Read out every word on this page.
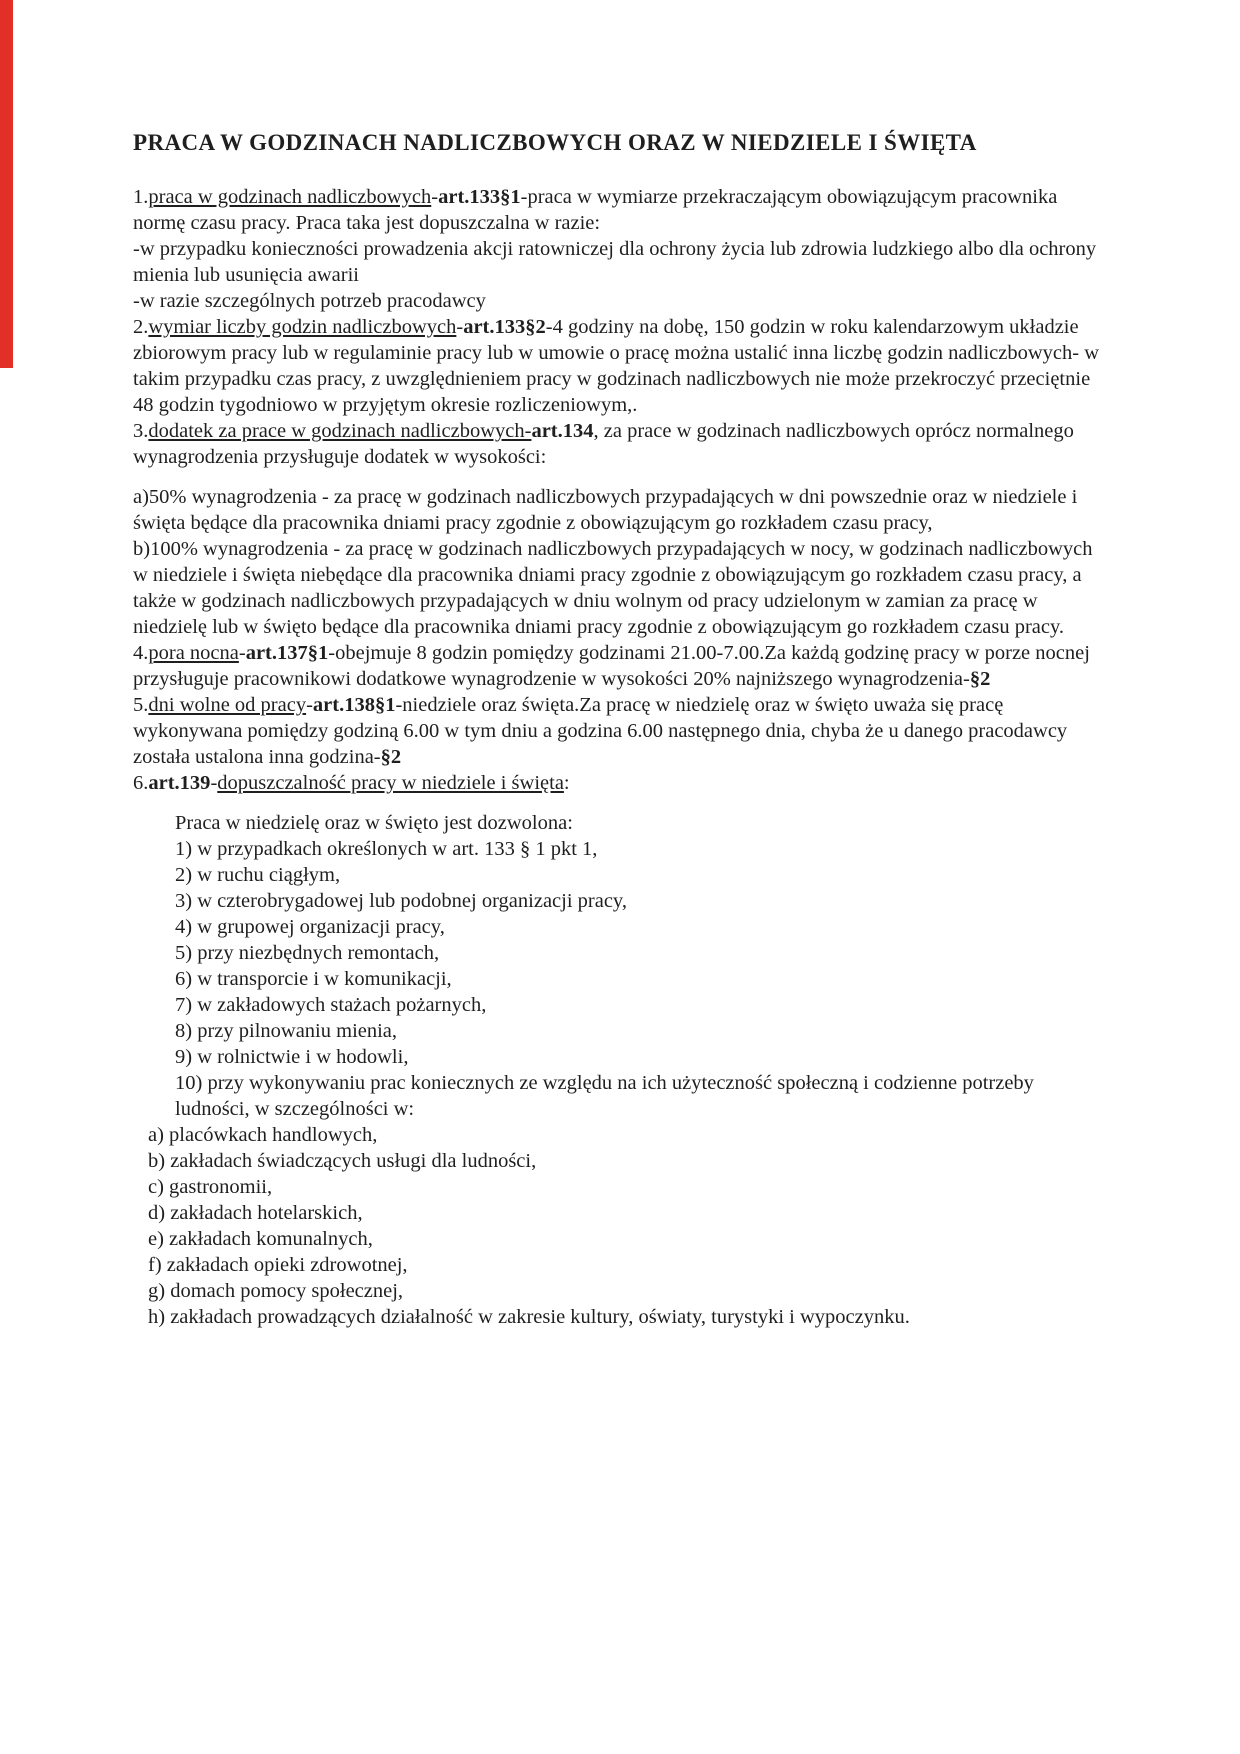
PRACA W GODZINACH NADLICZBOWYCH ORAZ W NIEDZIELE I ŚWIĘTA

1.praca w godzinach nadliczbowych-art.133§1-praca w wymiarze przekraczającym obowiązującym pracownika normę czasu pracy. Praca taka jest dopuszczalna w razie:

-w przypadku konieczności prowadzenia akcji ratowniczej dla ochrony życia lub zdrowia ludzkiego albo dla ochrony mienia lub usunięcia awarii

-w razie szczególnych potrzeb pracodawcy

2.wymiar liczby godzin nadliczbowych-art.133§2-4 godziny na dobę, 150 godzin w roku kalendarzowym układzie zbiorowym pracy lub w regulaminie pracy lub w umowie o pracę można ustalić inna liczbę godzin nadliczbowych- w takim przypadku czas pracy, z uwzględnieniem pracy w godzinach nadliczbowych nie może przekroczyć przeciętnie 48 godzin tygodniowo w przyjętym okresie rozliczeniowym,.

3.dodatek za prace w godzinach nadliczbowych-art.134, za prace w godzinach nadliczbowych oprócz normalnego wynagrodzenia przysługuje dodatek w wysokości:

a)50% wynagrodzenia - za pracę w godzinach nadliczbowych przypadających w dni powszednie oraz w niedziele i święta będące dla pracownika dniami pracy zgodnie z obowiązującym go rozkładem czasu pracy,

b)100% wynagrodzenia - za pracę w godzinach nadliczbowych przypadających w nocy, w godzinach nadliczbowych w niedziele i święta niebędące dla pracownika dniami pracy zgodnie z obowiązującym go rozkładem czasu pracy, a także w godzinach nadliczbowych przypadających w dniu wolnym od pracy udzielonym w zamian za pracę w niedzielę lub w święto będące dla pracownika dniami pracy zgodnie z obowiązującym go rozkładem czasu pracy.

4.pora nocna-art.137§1-obejmuje 8 godzin pomiędzy godzinami 21.00-7.00.Za każdą godzinę pracy w porze nocnej przysługuje pracownikowi dodatkowe wynagrodzenie w wysokości 20% najniższego wynagrodzenia-§2

5.dni wolne od pracy-art.138§1-niedziele oraz święta.Za pracę w niedzielę oraz w święto uważa się pracę wykonywana pomiędzy godziną 6.00 w tym dniu a godzina 6.00 następnego dnia, chyba że u danego pracodawcy została ustalona inna godzina-§2

6.art.139-dopuszczalność pracy w niedziele i święta:

Praca w niedzielę oraz w święto jest dozwolona:

1) w przypadkach określonych w art. 133 § 1 pkt 1,

2) w ruchu ciągłym,

3) w czterobrygadowej lub podobnej organizacji pracy,

4) w grupowej organizacji pracy,

5) przy niezbędnych remontach,

6) w transporcie i w komunikacji,

7) w zakładowych stażach pożarnych,

8) przy pilnowaniu mienia,

9) w rolnictwie i w hodowli,

10) przy wykonywaniu prac koniecznych ze względu na ich użyteczność społeczną i codzienne potrzeby ludności, w szczególności w:

a) placówkach handlowych,

b) zakładach świadczących usługi dla ludności,

c) gastronomii,

d) zakładach hotelarskich,

e) zakładach komunalnych,

f) zakładach opieki zdrowotnej,

g) domach pomocy społecznej,

h) zakładach prowadzących działalność w zakresie kultury, oświaty, turystyki i wypoczynku.
